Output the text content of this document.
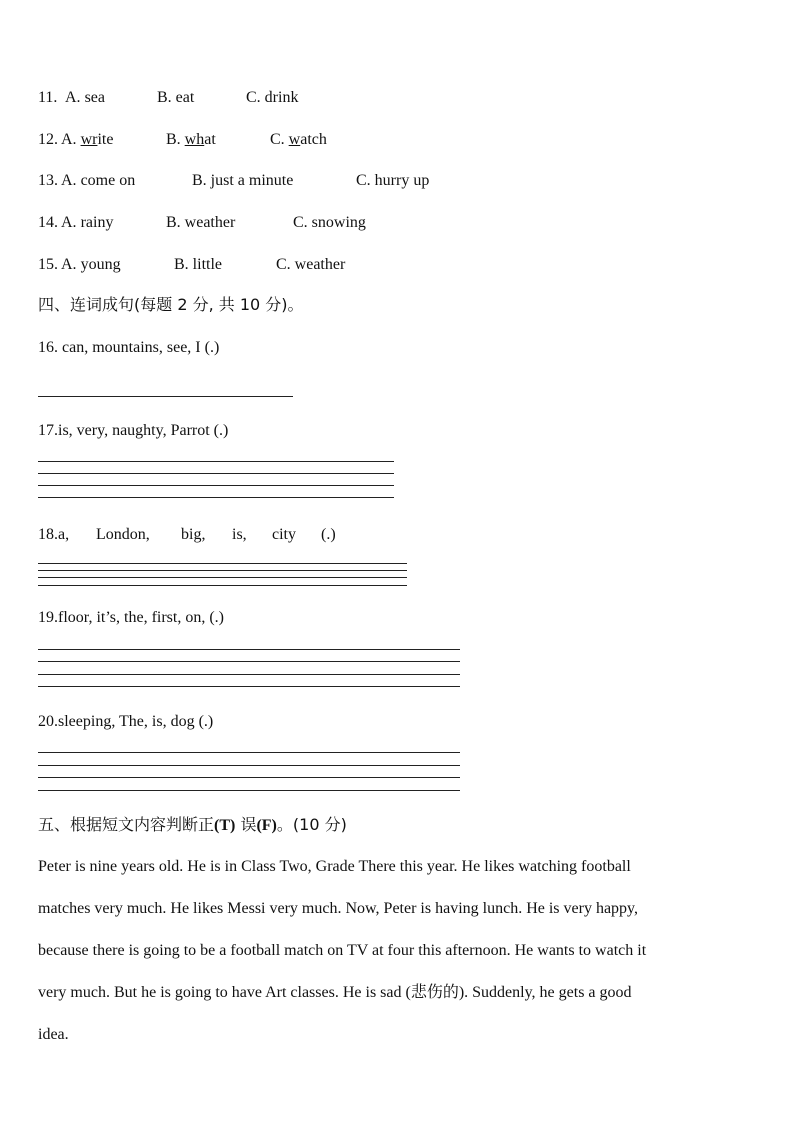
11. A. sea	B. eat	C. drink
12. A. write	B. what	C. watch
13. A. come on	B. just a minute	C. hurry up
14. A. rainy	B. weather	C. snowing
15. A. young	B. little	C. weather
四、连词成句(每题 2 分, 共 10 分)。
16. can, mountains, see, I (.)
17.is, very, naughty, Parrot (.)
18.a, London, big, is, city (.)
19.floor, it’s, the, first, on, (.)
20.sleeping, The, is, dog (.)
五、根据短文内容判断正(T) 误(F)。(10 分)
Peter is nine years old. He is in Class Two, Grade There this year. He likes watching football
matches very much. He likes Messi very much. Now, Peter is having lunch. He is very happy,
because there is going to be a football match on TV at four this afternoon. He wants to watch it
very much. But he is going to have Art classes. He is sad (悲伤的). Suddenly, he gets a good
idea.
